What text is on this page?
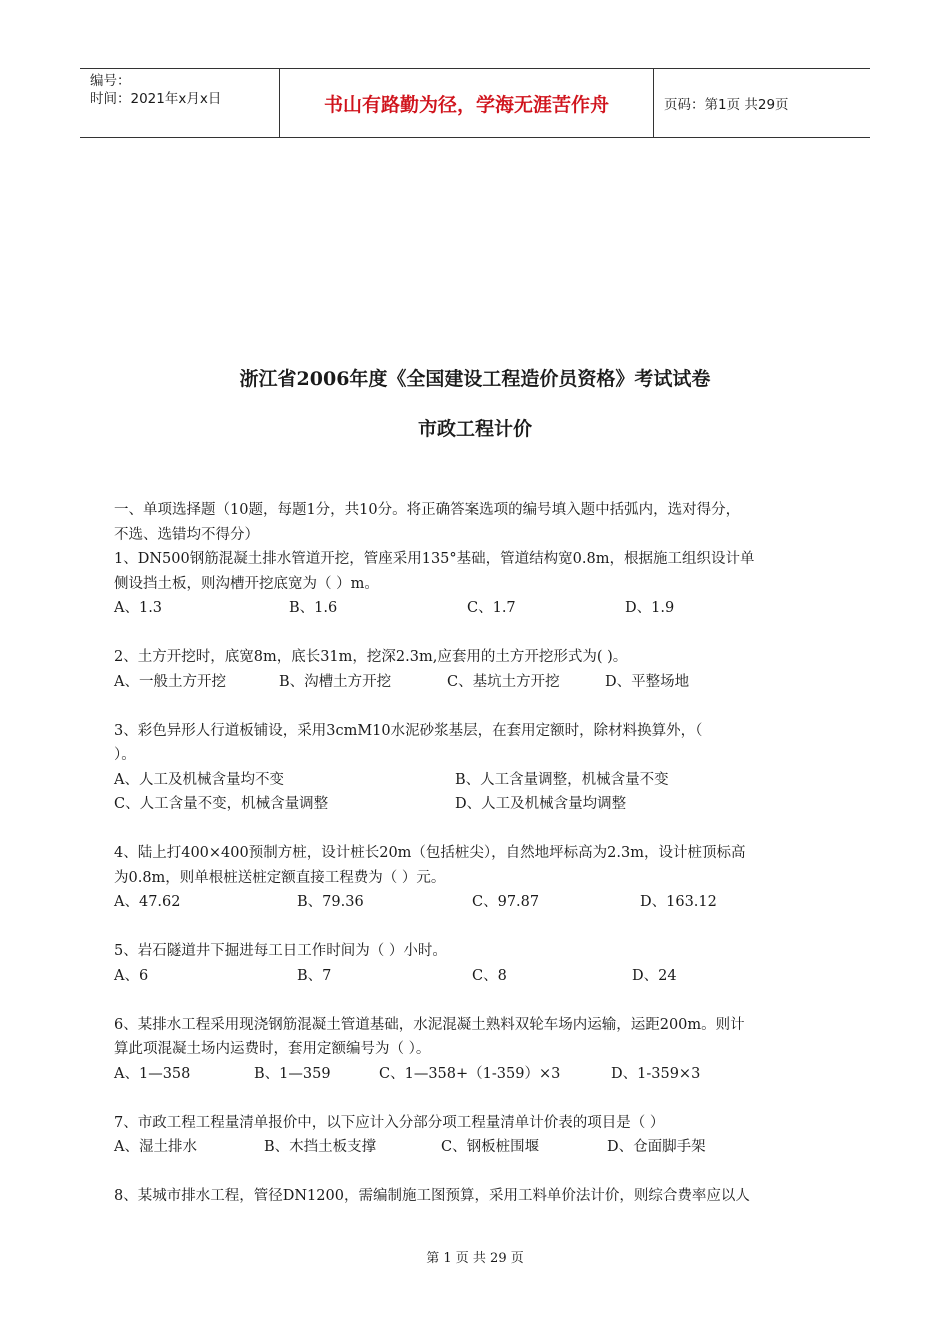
编号：
时间：2021年x月x日	书山有路勤为径，学海无涯苦作舟	页码：第1页 共29页
浙江省2006年度《全国建设工程造价员资格》考试试卷
市政工程计价

一、单项选择题（10题，每题1分，共10分。将正确答案选项的编号填入题中括弧内，选对得分，

不选、选错均不得分）

1、DN500钢筋混凝土排水管道开挖，管座采用135°基础，管道结构宽0.8m，根据施工组织设计单

侧设挡土板，则沟槽开挖底宽为（ ）m。

A、1.3	B、1.6	C、1.7	D、1.9

2、土方开挖时，底宽8m，底长31m，挖深2.3m,应套用的土方开挖形式为( )。

A、一般土方开挖	B、沟槽土方开挖	C、基坑土方开挖	D、平整场地

3、彩色异形人行道板铺设，采用3cmM10水泥砂浆基层，在套用定额时，除材料换算外，（

）。

A、人工及机械含量均不变	B、人工含量调整，机械含量不变
C、人工含量不变，机械含量调整	D、人工及机械含量均调整

4、陆上打400×400预制方桩，设计桩长20m（包括桩尖），自然地坪标高为2.3m，设计桩顶标高

为0.8m，则单根桩送桩定额直接工程费为（ ）元。

A、47.62	B、79.36	C、97.87	D、163.12

5、岩石隧道井下掘进每工日工作时间为（ ）小时。

A、6	B、7	C、8	D、24

6、某排水工程采用现浇钢筋混凝土管道基础，水泥混凝土熟料双轮车场内运输，运距200m。则计

算此项混凝土场内运费时，套用定额编号为（ ）。

A、1—358	B、1—359	C、1—358+（1-359）×3	D、1-359×3

7、市政工程工程量清单报价中，以下应计入分部分项工程量清单计价表的项目是（ ）

A、湿土排水	B、木挡土板支撑	C、钢板桩围堰	D、仓面脚手架

8、某城市排水工程，管径DN1200，需编制施工图预算，采用工料单价法计价，则综合费率应以人

第 1 页 共 29 页
